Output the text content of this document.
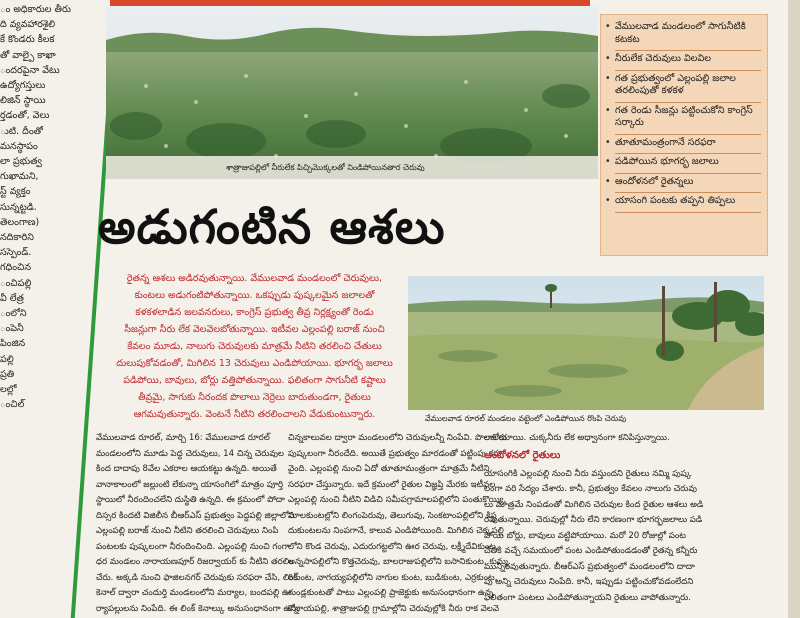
ం అధికారుల తీరు
ది వ్యవహారశైలి
కే కొండరు కీలక
తో వాల్పై కాఖా
ందరపైనా వేటు
ఉద్యోగస్తులు
లిజిన్ స్థాయి
ర్తడంతో, వెలు
ుటి. దీంతో
మనస్థాపం
లా ప్రభుత్వ
గుఖామని,
స్ట్ వ్యక్తం
సున్నట్టడి.
తెలంగాణ)
నదికారిని
సస్పెండ్.
గధించిన
ంచిపల్లి
వీ లేత్ర
ంలోని
ంపెనీ
పింజిన
పల్లి
ప్రతి
లల్లో
ంచిల్
శాత్రాజుపల్లిలో నీరులేక పిచ్చిమొక్కలతో నిండిపోయినతార చెరువు
• వేములవాడ మండలంలో సాగునీటికి కటకట
• నీరులేక చెరువులు విలవిల
• గత ప్రభుత్వంలో ఎల్లంపల్లి జలాల తరలింపుతో కళకళ
• గత రెండు సీజన్లు పట్టించుకోని కాంగ్రెస్ సర్కారు
• తూతూమంత్రంగానే సరఫరా
• పడిపోయిన భూగర్భ జలాలు
• ఆందోళనలో రైతన్నలు
• యాసంగి పంటకు తప్పని తిప్పలు
అడుగంటిన ఆశలు
రైతన్న ఆశలు అడిరవుతున్నాయి. వేములవాడ మండలంలో చెరువులు,
కుంటలు అడుగంటిపోతున్నాయి. ఒకప్పుడు పుష్కలమైన జలాలతో
కళకళలాడిన జలవనరులు, కాంగ్రెస్ ప్రభుత్వ తీవ్ర నిర్లక్ష్యంతో రెండు
సీజన్లుగా నీరు లేక వెలవెలబోతున్నాయి. ఇటీవల ఎల్లంపల్లి బరాజ్ నుంచి
కేవలం మూడు, నాలుగు చెరువులకు మాత్రమే నీటిని తరలించి చేతులు
దులుపుకోవడంతో, మిగిలిన 13 చెరువులు ఎండిపోయాయి. భూగర్భ జలాలు
పడిపోయి, బావులు, బోర్లు వత్తిపోతున్నాయి. ఫలితంగా సాగునీటి కష్టాలు
తీవ్రమై, సాగుకు నీరందక పొలాలు నెర్రెలు బారుతుండగా, రైతులు
ఆగమవుతున్నారు. వెంటనే నీటిని తరలించాలని వేడుకుంటున్నారు.	వేములవాడ రూరల్ మండలం వట్టెంలో ఎండిపోయిన రొంపి చెరువు
వేములవాడ రూరల్, మార్చి 16: వేములవాడ రూరల్
మండలంలోని మూడు పెద్ద చెరువులు, 14 చిన్న చెరువుల
కింద దాదాపు 8వేల ఎకరాల ఆయకట్టు ఉన్నది. అయితే
వానాకాలంలో జల్లుంటి లేకున్నా యాసంగిలో మాత్రం పూర్తి
స్థాయిలో నీరందించలేని దుస్థితి ఉన్నది. ఈ క్రమంలో పోదా
దిస్సర కిందటి విజిలీన బీఆర్ఎస్ ప్రభుత్వం పెద్దపల్లి జిల్లాలోని
ఎల్లంపల్లి బరాజ్ నుంచి నీటిని తరలించి చెరువులు నింపి
పంటలకు పుష్కలంగా నీరందించింది. ఎల్లంపల్లి నుంచి గంగా
ధర మండలం నారాయణపూర్ రిజర్వాయర్ కు నీటిని తరలిం
చేరు. అక్కడి నుంచి ఫాజిలనగర్ చెరువుకు సరఫరా చేసి, లింక్
కెనాల్ ద్వారా చందుర్తి మండలంలోని మర్యాల, బందపల్లి ఊ
ర్యాపల్లులను నింపేది. ఈ లింక్ కెనాల్కు అనుసంధానంగా ఉన్న
చిన్నకాలువల ద్వారా మండలంలోని చెరువులన్నీ నింపేవి. పొలాలకు
పుష్కలంగా నీరందేది. అయితే ప్రభుత్వం మారడంతో పట్టింపు కరు
వైంది. ఎల్లంపల్లి నుంచి ఏదో తూతూమంత్రంగా మాత్రమే నీటిని
సరఫరా చేస్తున్నారు. ఇదే క్రమంలో రైతుల విజ్ఞప్తి మేరకు ఇటీవల
ఎల్లంపల్లి నుంచి నీటిని విడిచి సమీపగ్రామాలపల్లిలోని పంతుకొయ్యి,
మాలకుంటల్లోని లింగంపెరువు, తెలుగువు, సెంకటాంపల్లిలోని కిష్ట
దుకుంటలను నింపగానే, కాలువ ఎండిపోయింది. మిగిలిన చెక్కపల్లి
లోని కొండ చెరువు, ఎదురుగట్టలోని ఊర చెరువు, లక్ష్మీదేవికుంట,
అన్నసాపల్లిలోని కొత్తచెరువు, బాలరాజుపల్లిలోని బసానికుంట, కుమ్మ
రికుంట, నాగయ్యపల్లిలోని నాగుల కుంట, బుడికుంట, ఎర్రకుంట,
గుండ్లకుంటతో పాటు ఎల్లంపల్లి ప్రాజెక్టుకు అనుసంధానంగా ఉన్న
కోనాయపల్లి, శాత్రాజుపల్లి గ్రామాల్లోని చెరువుల్లోకి నీరు రాక వెలవె
లబోయాయి. చుక్కనీరు లేక అధ్వానంగా కనిపిస్తున్నాయి.
ఆందోళనలో రైతులు
యాసంగికి ఎల్లంపల్లి నుంచి నీరు వస్తుందని రైతులు నమ్మి పుష్క
లంగా వరి సేద్యం చేశారు. కానీ, ప్రభుత్వం కేవలం నాలుగు చెరువు
లు మాత్రమే నింపడంతో మిగిలిన చెరువుల కింద రైతుల ఆశలు అడి
రవుతున్నాయి. చెరువుల్లో నీరు లేని కారణంగా భూగర్భజలాలు పడి
పోయి బోర్లు, బావులు వట్టిపోయాయి. మరో 20 రోజుల్లో పంట
చేతికి వచ్చే సమయంలో పంట ఎండిపోతుండడంతో రైతన్న కన్నీరు
మున్నీరవుతున్నారు. బీఆర్ఎస్ ప్రభుత్వంలో మండలంలోని దాదా
పు అన్ని చెరువులు నింపేది. కానీ, ఇప్పుడు పట్టించుకోవడంలేదని
ఫలితంగా పంటలు ఎండిపోతున్నాయని రైతులు వాపోతున్నారు.
